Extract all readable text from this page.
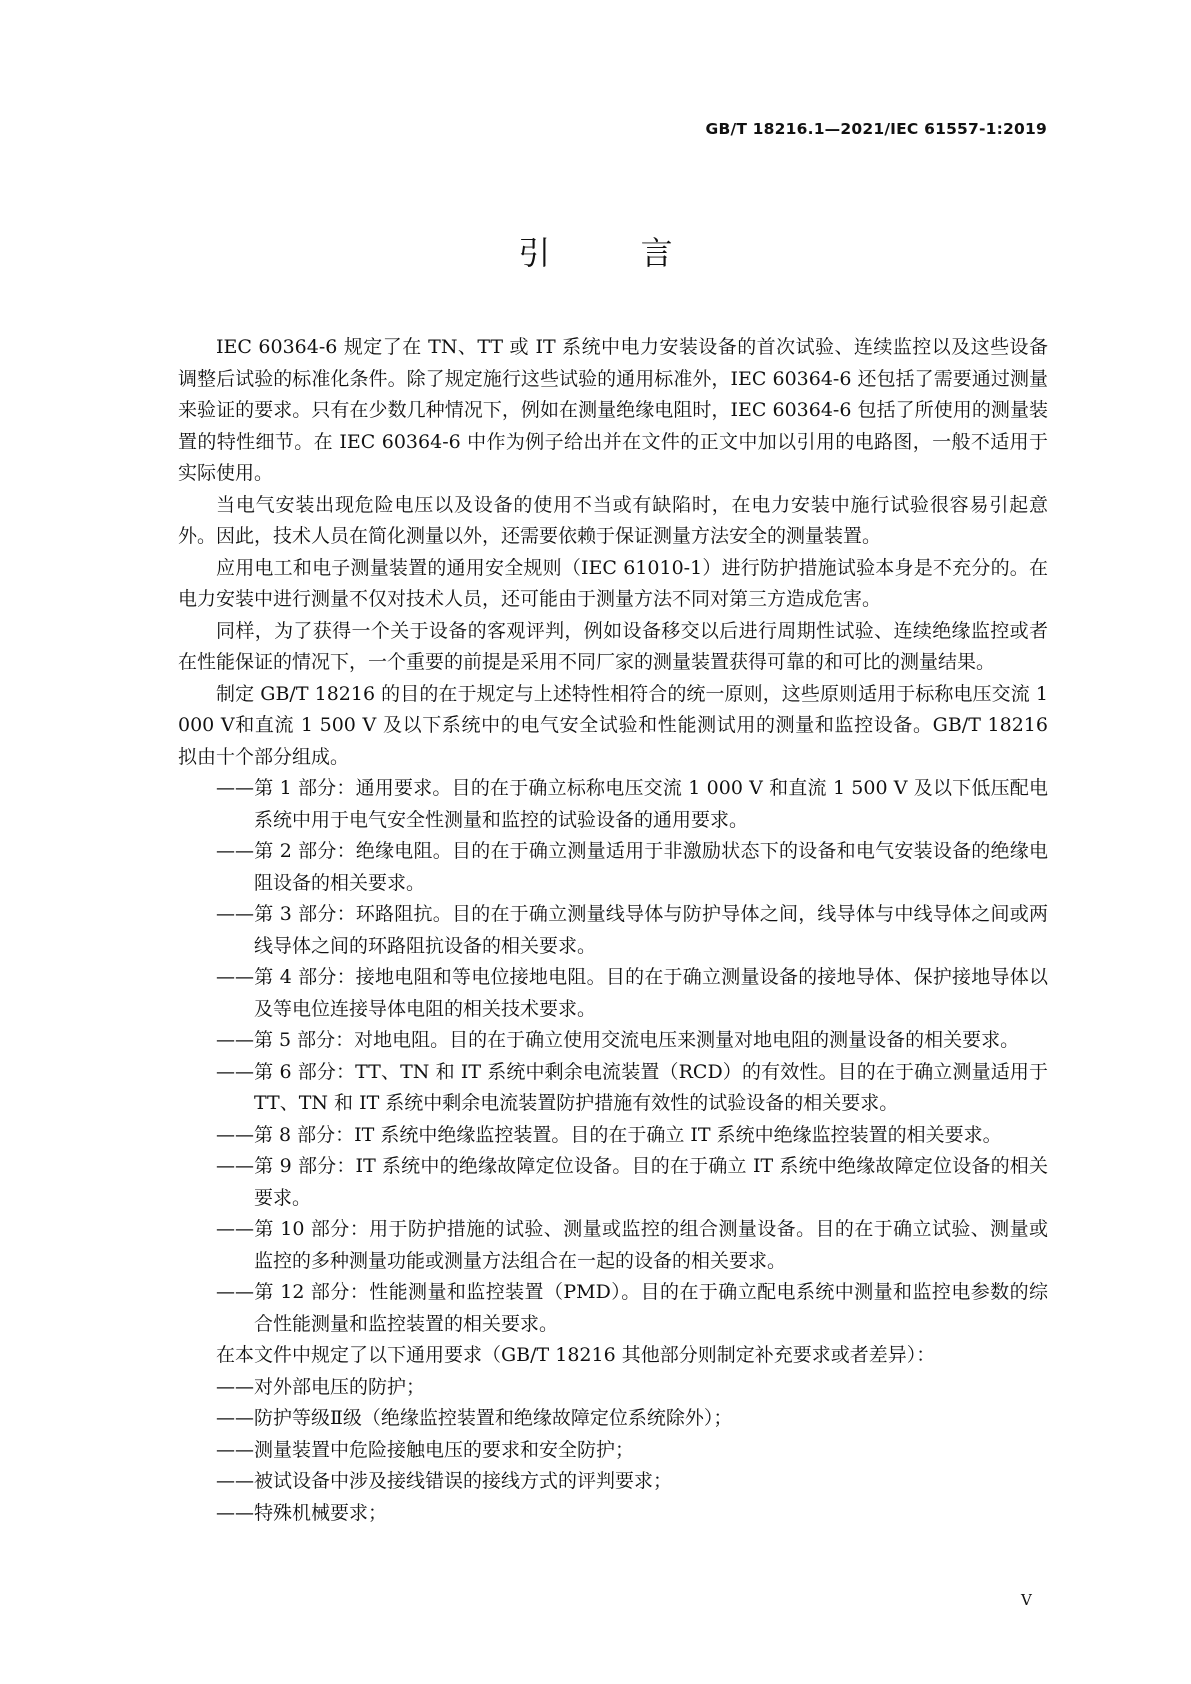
GB/T 18216.1—2021/IEC 61557-1:2019
引 言

IEC 60364-6 规定了在 TN、TT 或 IT 系统中电力安装设备的首次试验、连续监控以及这些设备调整后试验的标准化条件。除了规定施行这些试验的通用标准外，IEC 60364-6 还包括了需要通过测量来验证的要求。只有在少数几种情况下，例如在测量绝缘电阻时，IEC 60364-6 包括了所使用的测量装置的特性细节。在 IEC 60364-6 中作为例子给出并在文件的正文中加以引用的电路图，一般不适用于实际使用。

当电气安装出现危险电压以及设备的使用不当或有缺陷时，在电力安装中施行试验很容易引起意外。因此，技术人员在简化测量以外，还需要依赖于保证测量方法安全的测量装置。

应用电工和电子测量装置的通用安全规则（IEC 61010-1）进行防护措施试验本身是不充分的。在电力安装中进行测量不仅对技术人员，还可能由于测量方法不同对第三方造成危害。

同样，为了获得一个关于设备的客观评判，例如设备移交以后进行周期性试验、连续绝缘监控或者在性能保证的情况下，一个重要的前提是采用不同厂家的测量装置获得可靠的和可比的测量结果。

制定 GB/T 18216 的目的在于规定与上述特性相符合的统一原则，这些原则适用于标称电压交流 1 000 V和直流 1 500 V 及以下系统中的电气安全试验和性能测试用的测量和监控设备。GB/T 18216 拟由十个部分组成。

——第 1 部分：通用要求。目的在于确立标称电压交流 1 000 V 和直流 1 500 V 及以下低压配电系统中用于电气安全性测量和监控的试验设备的通用要求。

——第 2 部分：绝缘电阻。目的在于确立测量适用于非激励状态下的设备和电气安装设备的绝缘电阻设备的相关要求。

——第 3 部分：环路阻抗。目的在于确立测量线导体与防护导体之间，线导体与中线导体之间或两线导体之间的环路阻抗设备的相关要求。

——第 4 部分：接地电阻和等电位接地电阻。目的在于确立测量设备的接地导体、保护接地导体以及等电位连接导体电阻的相关技术要求。

——第 5 部分：对地电阻。目的在于确立使用交流电压来测量对地电阻的测量设备的相关要求。

——第 6 部分：TT、TN 和 IT 系统中剩余电流装置（RCD）的有效性。目的在于确立测量适用于 TT、TN 和 IT 系统中剩余电流装置防护措施有效性的试验设备的相关要求。

——第 8 部分：IT 系统中绝缘监控装置。目的在于确立 IT 系统中绝缘监控装置的相关要求。

——第 9 部分：IT 系统中的绝缘故障定位设备。目的在于确立 IT 系统中绝缘故障定位设备的相关要求。

——第 10 部分：用于防护措施的试验、测量或监控的组合测量设备。目的在于确立试验、测量或监控的多种测量功能或测量方法组合在一起的设备的相关要求。

——第 12 部分：性能测量和监控装置（PMD）。目的在于确立配电系统中测量和监控电参数的综合性能测量和监控装置的相关要求。

在本文件中规定了以下通用要求（GB/T 18216 其他部分则制定补充要求或者差异）：

——对外部电压的防护；

——防护等级Ⅱ级（绝缘监控装置和绝缘故障定位系统除外）；

——测量装置中危险接触电压的要求和安全防护；

——被试设备中涉及接线错误的接线方式的评判要求；

——特殊机械要求；

V
